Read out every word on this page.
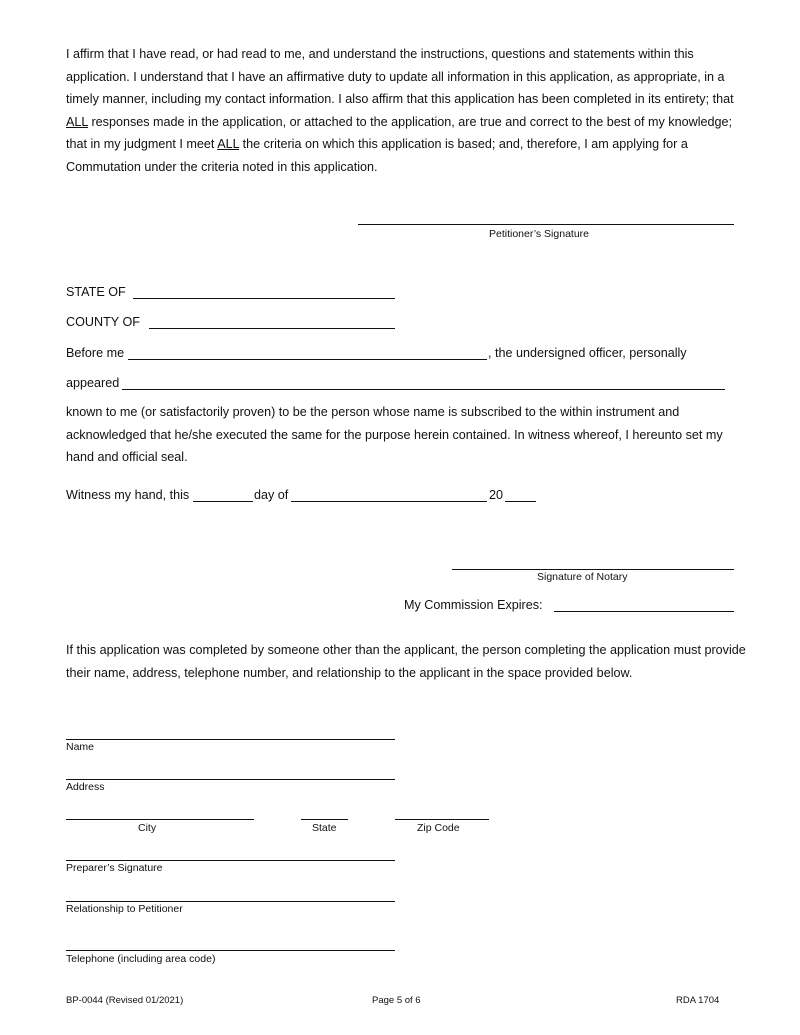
I affirm that I have read, or had read to me, and understand the instructions, questions and statements within this application. I understand that I have an affirmative duty to update all information in this application, as appropriate, in a timely manner, including my contact information. I also affirm that this application has been completed in its entirety; that ALL responses made in the application, or attached to the application, are true and correct to the best of my knowledge; that in my judgment I meet ALL the criteria on which this application is based; and, therefore, I am applying for a Commutation under the criteria noted in this application.
Petitioner’s Signature
STATE OF
COUNTY OF
Before me	, the undersigned officer, personally
appeared
known to me (or satisfactorily proven) to be the person whose name is subscribed to the within instrument and acknowledged that he/she executed the same for the purpose herein contained. In witness whereof, I hereunto set my hand and official seal.
Witness my hand, this	day of	20
Signature of Notary
My Commission Expires:
If this application was completed by someone other than the applicant, the person completing the application must provide their name, address, telephone number, and relationship to the applicant in the space provided below.
Name
Address
City	State	Zip Code
Preparer’s Signature
Relationship to Petitioner
Telephone (including area code)
BP-0044 (Revised 01/2021)	Page 5 of 6	RDA 1704
